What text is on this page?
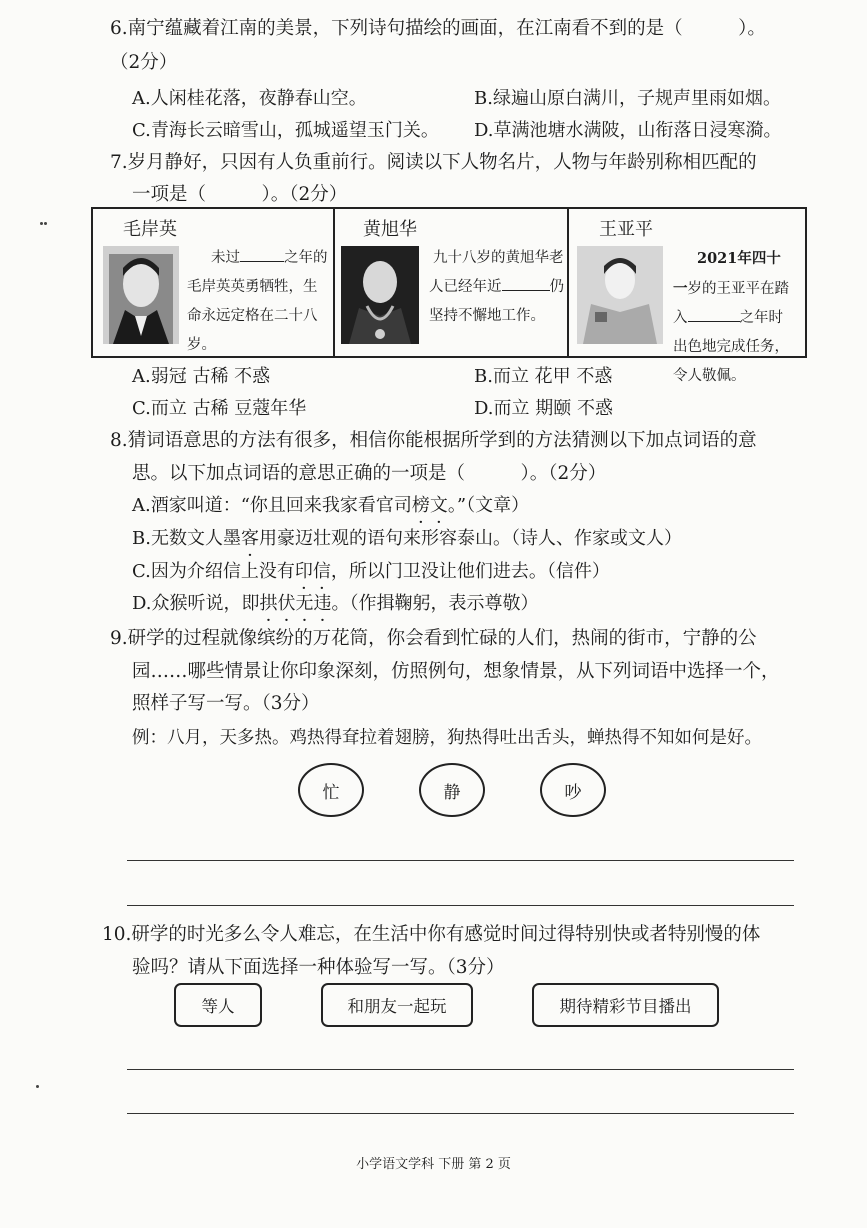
6.南宁蕴藏着江南的美景，下列诗句描绘的画面，在江南看不到的是（　　　）。
（2分）
A.人闲桂花落，夜静春山空。	B.绿遍山原白满川，子规声里雨如烟。
C.青海长云暗雪山，孤城遥望玉门关。 D.草满池塘水满陂，山衔落日浸寒漪。
7.岁月静好，只因有人负重前行。阅读以下人物名片，人物与年龄别称相匹配的
一项是（　　　）。（2分）
毛岸英
未过	之年的毛岸英英勇牺牲，生命永远定格在二十八岁。
黄旭华
九十八岁的黄旭华老人已经年近	仍坚持不懈地工作。
王亚平
2021年四十一岁的王亚平在踏入	之年时出色地完成任务，令人敬佩。
A.弱冠 古稀 不惑	B.而立 花甲 不惑
C.而立 古稀 豆蔻年华	D.而立 期颐 不惑
8.猜词语意思的方法有很多，相信你能根据所学到的方法猜测以下加点词语的意
思。以下加点词语的意思正确的一项是（　　　）。（2分）
A.酒家叫道：“你且回来我家看官司榜文。”（文章）
B.无数文人墨客用豪迈壮观的语句来形容泰山。（诗人、作家或文人）
C.因为介绍信上没有印信，所以门卫没让他们进去。（信件）
D.众猴听说，即拱伏无违。（作揖鞠躬，表示尊敬）
9.研学的过程就像缤纷的万花筒，你会看到忙碌的人们，热闹的街市，宁静的公
园……哪些情景让你印象深刻，仿照例句，想象情景，从下列词语中选择一个，
照样子写一写。（3分）
例：八月，天多热。鸡热得耷拉着翅膀，狗热得吐出舌头，蝉热得不知如何是好。
忙	静	吵
10.研学的时光多么令人难忘，在生活中你有感觉时间过得特别快或者特别慢的体
验吗？请从下面选择一种体验写一写。（3分）
等人	和朋友一起玩	期待精彩节目播出
小学语文学科 下册 第 2 页
